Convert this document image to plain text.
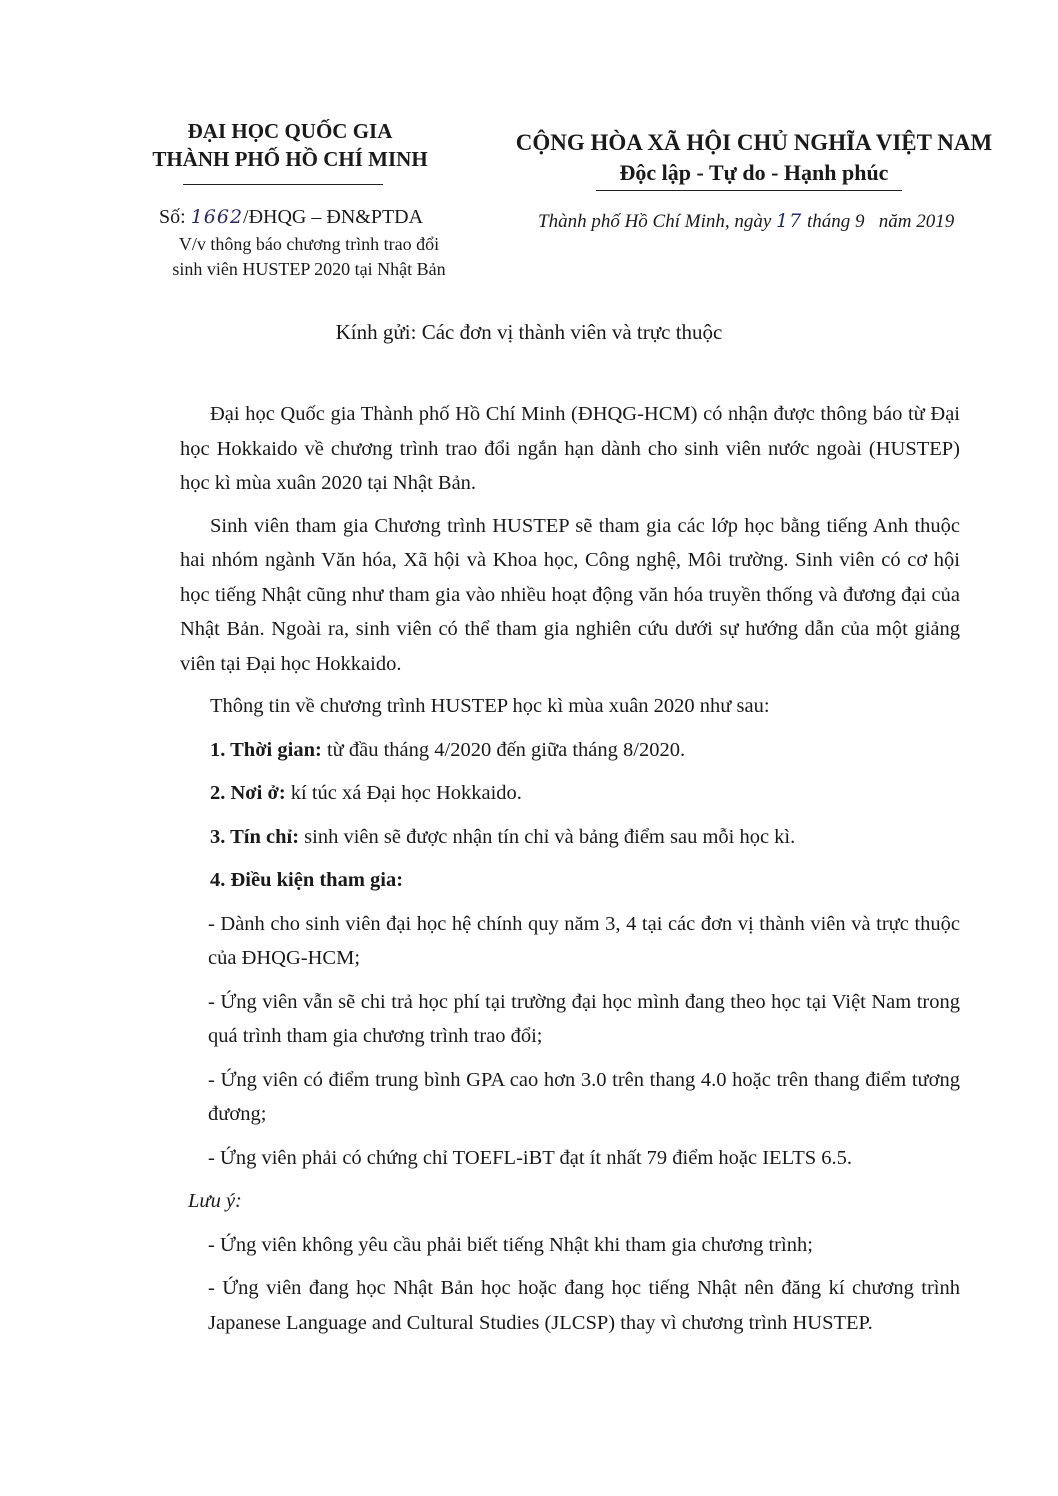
ĐẠI HỌC QUỐC GIA
THÀNH PHỐ HỒ CHÍ MINH
CỘNG HÒA XÃ HỘI CHỦ NGHĨA VIỆT NAM
Độc lập - Tự do - Hạnh phúc
Số: 1662/ĐHQG – ĐN&PTDA
V/v thông báo chương trình trao đổi
sinh viên HUSTEP 2020 tại Nhật Bản
Thành phố Hồ Chí Minh, ngày 17 tháng 9   năm 2019
Kính gửi: Các đơn vị thành viên và trực thuộc

Đại học Quốc gia Thành phố Hồ Chí Minh (ĐHQG-HCM) có nhận được thông báo từ Đại học Hokkaido về chương trình trao đổi ngắn hạn dành cho sinh viên nước ngoài (HUSTEP) học kì mùa xuân 2020 tại Nhật Bản.

Sinh viên tham gia Chương trình HUSTEP sẽ tham gia các lớp học bằng tiếng Anh thuộc hai nhóm ngành Văn hóa, Xã hội và Khoa học, Công nghệ, Môi trường. Sinh viên có cơ hội học tiếng Nhật cũng như tham gia vào nhiều hoạt động văn hóa truyền thống và đương đại của Nhật Bản. Ngoài ra, sinh viên có thể tham gia nghiên cứu dưới sự hướng dẫn của một giảng viên tại Đại học Hokkaido.

Thông tin về chương trình HUSTEP học kì mùa xuân 2020 như sau:

1. Thời gian: từ đầu tháng 4/2020 đến giữa tháng 8/2020.

2. Nơi ở: kí túc xá Đại học Hokkaido.

3. Tín chỉ: sinh viên sẽ được nhận tín chỉ và bảng điểm sau mỗi học kì.

4. Điều kiện tham gia:

- Dành cho sinh viên đại học hệ chính quy năm 3, 4 tại các đơn vị thành viên và trực thuộc của ĐHQG-HCM;

- Ứng viên vẫn sẽ chi trả học phí tại trường đại học mình đang theo học tại Việt Nam trong quá trình tham gia chương trình trao đổi;

- Ứng viên có điểm trung bình GPA cao hơn 3.0 trên thang 4.0 hoặc trên thang điểm tương đương;

- Ứng viên phải có chứng chỉ TOEFL-iBT đạt ít nhất 79 điểm hoặc IELTS 6.5.

Lưu ý:

- Ứng viên không yêu cầu phải biết tiếng Nhật khi tham gia chương trình;

- Ứng viên đang học Nhật Bản học hoặc đang học tiếng Nhật nên đăng kí chương trình Japanese Language and Cultural Studies (JLCSP) thay vì chương trình HUSTEP.
